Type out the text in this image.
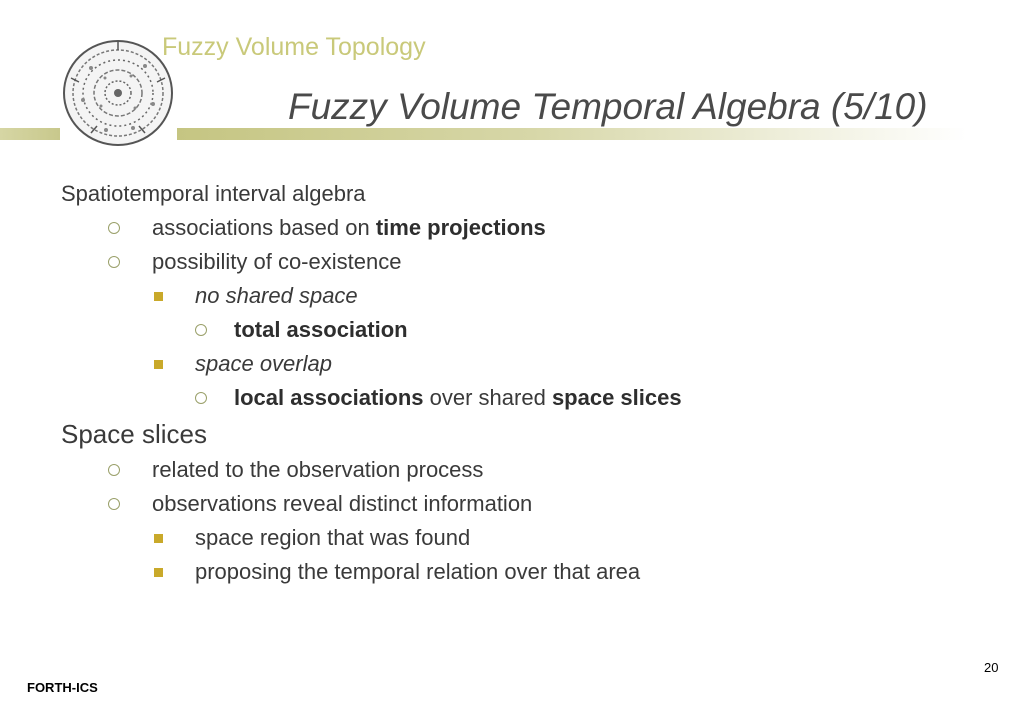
Fuzzy Volume Topology
Fuzzy Volume Temporal Algebra (5/10)
Spatiotemporal interval algebra
associations based on time projections
possibility of co-existence
no shared space
total association
space overlap
local associations over shared space slices
Space slices
related to the observation process
observations reveal distinct information
space region that was found
proposing the temporal relation over that area
FORTH-ICS
20
